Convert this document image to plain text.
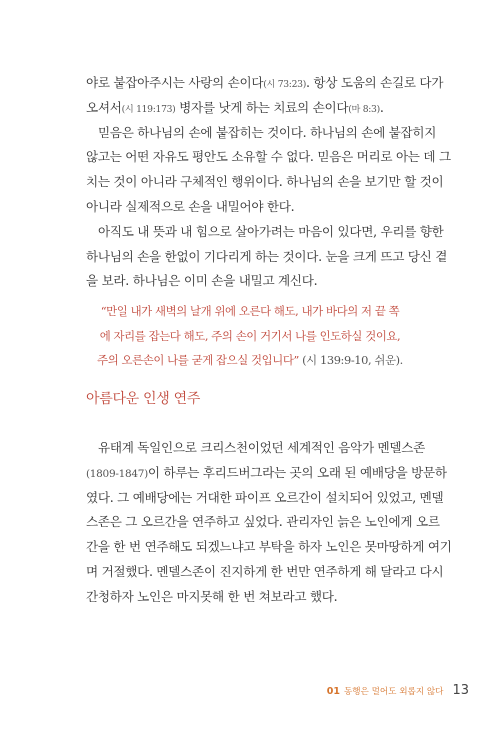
야로 붙잡아주시는 사랑의 손이다(시 73:23). 항상 도움의 손길로 다가

오셔서(시 119:173) 병자를 낫게 하는 치료의 손이다(마 8:3).

믿음은 하나님의 손에 붙잡히는 것이다. 하나님의 손에 붙잡히지

않고는 어떤 자유도 평안도 소유할 수 없다. 믿음은 머리로 아는 데 그

치는 것이 아니라 구체적인 행위이다. 하나님의 손을 보기만 할 것이

아니라 실제적으로 손을 내밀어야 한다.

아직도 내 뜻과 내 힘으로 살아가려는 마음이 있다면, 우리를 향한

하나님의 손을 한없이 기다리게 하는 것이다. 눈을 크게 뜨고 당신 곁

을 보라. 하나님은 이미 손을 내밀고 계신다.

“만일 내가 새벽의 날개 위에 오른다 해도, 내가 바다의 저 끝 쪽

에 자리를 잡는다 해도, 주의 손이 거기서 나를 인도하실 것이요,

주의 오른손이 나를 굳게 잡으실 것입니다” (시 139:9-10, 쉬운).

아름다운 인생 연주

유태계 독일인으로 크리스천이었던 세계적인 음악가 멘델스존

(1809-1847)이 하루는 후리드버그라는 곳의 오래 된 예배당을 방문하

였다. 그 예배당에는 거대한 파이프 오르간이 설치되어 있었고, 멘델

스존은 그 오르간을 연주하고 싶었다. 관리자인 늙은 노인에게 오르

간을 한 번 연주해도 되겠느냐고 부탁을 하자 노인은 못마땅하게 여기

며 거절했다. 멘델스존이 진지하게 한 번만 연주하게 해 달라고 다시

간청하자 노인은 마지못해 한 번 쳐보라고 했다.

01 동행은 멀어도 외롭지 않다 13
